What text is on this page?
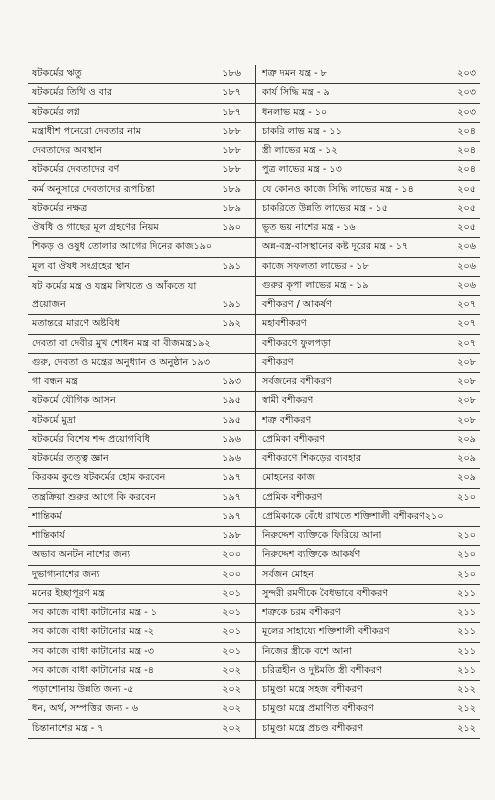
ষটকর্মের ঋতু	১৮৬
ষটকর্মের তিথি ও বার	১৮৭
ষটকর্মের লগ্ন	১৮৭
মন্ত্রাধীশ পনেরো দেবতার নাম	১৮৮
দেবতাদের অবস্থান	১৮৮
ষটকর্মের দেবতাদের বর্ণ	১৮৮
কর্ম অনুসারে দেবতাদের রূপচিন্তা	১৮৯
ষটকর্মের নক্ষত্র	১৮৯
ঔষধি ও গাছের মূল গ্রহণের নিয়ম	১৯০
শিকড় ও ওষুধ তোলার আগের দিনের কাজ১৯০
মূল বা ঔষধ সংগ্রহের স্থান	১৯১
ষট কর্মের মন্ত্র ও যন্ত্রম লিখতে ও আঁকতে যা প্রয়োজন	১৯১
মতান্তরে মারণে অষ্টবিধ	১৯২
দেবতা বা দেবীর মুখ শোধন মন্ত্র বা বীজমন্ত্র১৯২
গুরু, দেবতা ও মন্ত্রের অনুধ্যান ও অনুষ্ঠান ১৯৩
গা বন্ধন মন্ত্র	১৯৩
ষটকর্মে যৌগিক আসন	১৯৫
ষটকর্মে মুদ্রা	১৯৫
ষটকর্মের বিশেষ শব্দ প্রয়োগবিধি	১৯৬
ষটকর্মের তত্ত্ব জ্ঞান	১৯৬
কিরকম কুণ্ডে ষটকর্মের হোম করবেন	১৯৭
তন্ত্রক্রিয়া শুরুর আগে কি করবেন	১৯৭
শান্তিকর্ম	১৯৭
শান্তিকার্য	১৯৮
অভাব অনটন নাশের জন্য	২০০
দুভাগ্যনাশের জন্য	২০০
মনের ইচ্ছাপূরণ মন্ত্র	২০১
সব কাজে বাধা কাটানোর মন্ত্র - ১	২০১
সব কাজে বাধা কাটানোর মন্ত্র -২	২০১
সব কাজে বাধা কাটানোর মন্ত্র -৩	২০১
সব কাজে বাধা কাটানোর মন্ত্র -৪	২০২
পড়াশোনায় উন্নতি জন্য -৫	২০২
ধন, অর্থ, সম্পত্তির জন্য - ৬	২০২
চিন্তানাশের মন্ত্র - ৭	২০২
শত্রু দমন যন্ত্র - ৮	২০৩
কার্য সিদ্ধি মন্ত্র - ৯	২০৩
ধনলাভ মন্ত্র - ১০	২০৩
চাকরি লাভ মন্ত্র - ১১	২০৪
স্ত্রী লাভের মন্ত্র - ১২	২০৪
পুত্র লাভের মন্ত্র - ১৩	২০৪
যে কোনও কাজে সিদ্ধি লাভের মন্ত্র - ১৪	২০৫
চাকরিতে উন্নতি লাভের মন্ত্র - ১৫	২০৫
ভূত ভয় নাশের মন্ত্র - ১৬	২০৫
অন্ন-বস্ত্র-বাসস্থানের কষ্ট দূরের মন্ত্র - ১৭	২০৬
কাজে সফলতা লাভের - ১৮	২০৬
গুরুর কৃপা লাভের মন্ত্র - ১৯	২০৬
বশীকরণ / আকর্ষণ	২০৭
মহাবশীকরণ	২০৭
বশীকরণে ফুলপড়া	২০৭
বশীকরণ	২০৮
সর্বজনের বশীকরণ	২০৮
স্বামী বশীকরণ	২০৮
শত্রু বশীকরণ	২০৮
প্রেমিকা বশীকরণ	২০৯
বশীকরণে শিকড়ের ব্যবহার	২০৯
মোহনের কাজ	২০৯
প্রেমিক বশীকরণ	২১০
প্রেমিকাকে বেঁধে রাখতে শক্তিশালী বশীকরণ২১০
নিরুদ্দেশ ব্যক্তিকে ফিরিয়ে আনা	২১০
নিরুদ্দেশ ব্যক্তিকে আকর্ষণ	২১০
সর্বজন মোহন	২১০
সুন্দরী রমণীকে বৈধভাবে বশীকরণ	২১১
শত্রুকে চরম বশীকরণ	২১১
মূলের সাহায্যে শক্তিশালী বশীকরণ	২১১
নিজের স্ত্রীকে বশে আনা	২১১
চরিত্রহীন ও দুষ্টমতি স্ত্রী বশীকরণ	২১১
চামুণ্ডা মন্ত্রে সহজ বশীকরণ	২১২
চামুণ্ডা মন্ত্রে প্রমাণিত বশীকরণ	২১২
চামুণ্ডা মন্ত্রে প্রচণ্ড বশীকরণ	২১২
